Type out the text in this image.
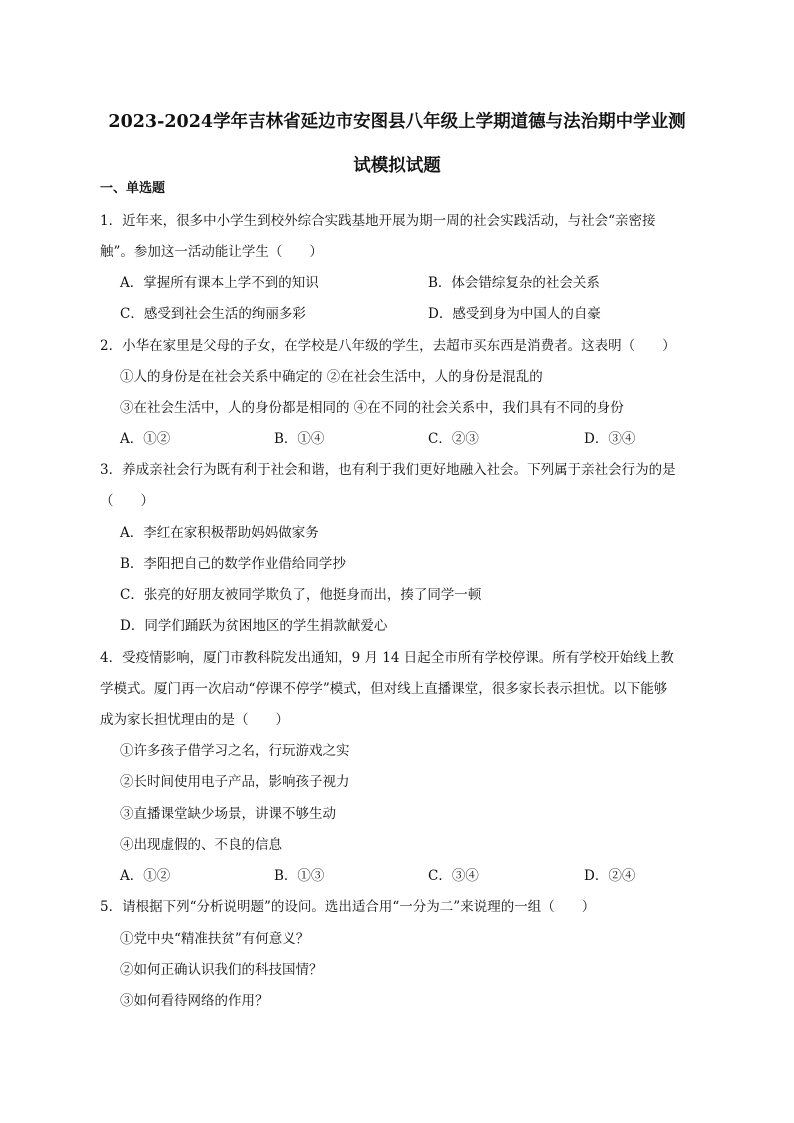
2023-2024学年吉林省延边市安图县八年级上学期道德与法治期中学业测
试模拟试题
一、单选题
1．近年来，很多中小学生到校外综合实践基地开展为期一周的社会实践活动，与社会“亲密接
触”。参加这一活动能让学生（　　）
A．掌握所有课本上学不到的知识	B．体会错综复杂的社会关系
C．感受到社会生活的绚丽多彩	D．感受到身为中国人的自豪
2．小华在家里是父母的子女，在学校是八年级的学生，去超市买东西是消费者。这表明（　　）
①人的身份是在社会关系中确定的 ②在社会生活中，人的身份是混乱的
③在社会生活中，人的身份都是相同的 ④在不同的社会关系中，我们具有不同的身份
A．①②	B．①④	C．②③	D．③④
3．养成亲社会行为既有利于社会和谐，也有利于我们更好地融入社会。下列属于亲社会行为的是
（　　）
A．李红在家积极帮助妈妈做家务
B．李阳把自己的数学作业借给同学抄
C．张亮的好朋友被同学欺负了，他挺身而出，揍了同学一顿
D．同学们踊跃为贫困地区的学生捐款献爱心
4．受疫情影响，厦门市教科院发出通知，9 月 14 日起全市所有学校停课。所有学校开始线上教
学模式。厦门再一次启动“停课不停学”模式，但对线上直播课堂，很多家长表示担忧。以下能够
成为家长担忧理由的是（　　）
①许多孩子借学习之名，行玩游戏之实
②长时间使用电子产品，影响孩子视力
③直播课堂缺少场景，讲课不够生动
④出现虚假的、不良的信息
A．①②	B．①③	C．③④	D．②④
5．请根据下列“分析说明题”的设问。选出适合用“一分为二”来说理的一组（　　）
①党中央“精准扶贫”有何意义？
②如何正确认识我们的科技国情？
③如何看待网络的作用？
